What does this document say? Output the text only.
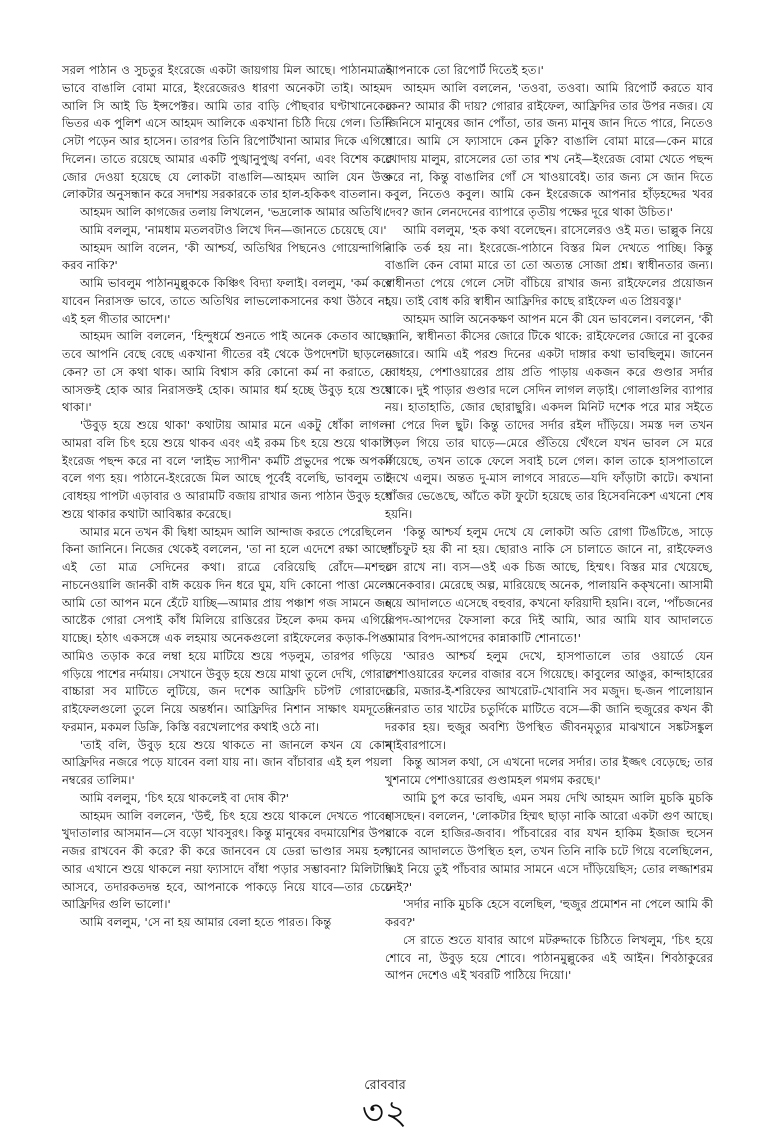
সরল পাঠান ও সুচতুর ইংরেজে একটা জায়গায় মিল আছে। পাঠানমাত্রই ভাবে বাঙালি বোমা মারে, ইংরেজেরও ধারণা অনেকটা তাই। আহমদ আলি সি আই ডি ইন্সপেক্টর। আমি তার বাড়ি পৌছবার ঘণ্টাখানেকের ভিতর এক পুলিশ এসে আহমদ আলিকে একখানা চিঠি দিয়ে গেল। তিনি সেটা পড়েন আর হাসেন। তারপর তিনি রিপোর্টখানা আমার দিকে এগিয়ে দিলেন। তাতে রয়েছে আমার একটি পুঙ্খানুপুঙ্খ বর্ণনা, এবং বিশেষ করে জোর দেওয়া হয়েছে যে লোকটা বাঙালি—আহমদ আলি যেন উক্ত লোকটার অনুসন্ধান করে সদাশয় সরকারকে তার হাল-হকিকৎ বাতলান।

আহমদ আলি কাগজের তলায় লিখলেন, 'ভদ্রলোক আমার অতিথি।'

আমি বললুম, 'নামধাম মতলবটাও লিখে দিন—জানতে চেয়েছে যে।'

আহমদ আলি বলেন, 'কী আশ্চর্য, অতিথির পিছনেও গোয়েন্দাগিরি করব নাকি?'

আমি ভাবলুম পাঠানমুল্লুককে কিঞ্চিৎ বিদ্যা ফলাই। বললুম, 'কর্ম করে যাবেন নিরাসক্ত ভাবে, তাতে অতিথির লাভলোকসানের কথা উঠবে না, এই হল গীতার আদেশ।'

আহমদ আলি বললেন, 'হিন্দুধর্মে শুনতে পাই অনেক কেতাব আছে। তবে আপনি বেছে বেছে একখানা গীতের বই থেকে উপদেশটা ছাড়লেন কেন? তা সে কথা থাক। আমি বিশ্বাস করি কোনো কর্ম না করাতে, সে আসক্তই হোক আর নিরাসক্তই হোক। আমার ধর্ম হচ্ছে উবুড় হয়ে শুয়ে থাকা।'

'উবুড় হয়ে শুয়ে থাকা' কথাটায় আমার মনে একটু ধোঁকা লাগল। আমরা বলি চিৎ হয়ে শুয়ে থাকব এবং এই রকম চিৎ হয়ে শুয়ে থাকাটা ইংরেজ পছন্দ করে না বলে 'লাইভ স্যাপীন' কর্মটি প্রভুদের পক্ষে অপকর্ম বলে গণ্য হয়। পাঠানে-ইংরেজে মিল আছে পূর্বেই বলেছি, ভাবলুম তাই বোধহয় পাপটা এড়াবার ও আরামটি বজায় রাখার জন্য পাঠান উবুড় হয়ে শুয়ে থাকার কথাটা আবিষ্কার করেছে।

আমার মনে তখন কী দ্বিধা আহমদ আলি আন্দাজ করতে পেরেছিলেন কিনা জানিনে। নিজের থেকেই বললেন, 'তা না হলে এদেশে রক্ষা আছে! এই তো মাত্র সেদিনের কথা। রাত্রে বেরিয়েছি রোঁদে—মশহুর নাচনেওয়ালি জানকী বাঈ কয়েক দিন ধরে ঘুম, যদি কোনো পাত্তা মেলে। আমি তো আপন মনে হেঁটে যাচ্ছি—আমার প্রায় পঞ্চাশ গজ সামনে জন আষ্টেক গোরা সেপাই কাঁধ মিলিয়ে রাত্তিরের টহলে কদম কদম এগিয়ে যাচ্ছে। হঠাৎ একসঙ্গে এক লহমায় অনেকগুলো রাইফেলের কড়াক-পিঙ। আমিও তড়াক করে লম্বা হয়ে মাটিয়ে শুয়ে পড়লুম, তারপর গড়িয়ে গড়িয়ে পাশের নর্দমায়। সেখানে উবুড় হয়ে শুয়ে মাথা তুলে দেখি, গোরার বাচ্চারা সব মাটিতে লুটিয়ে, জন দশেক আফ্রিদি চটপট গোরাদের রাইফেলগুলো তুলে নিয়ে অন্তর্ধান। আফ্রিদির নিশান সাক্ষাৎ যমদূতের ফরমান, মকমল ডিক্রি, কিস্তি বরখেলাপের কথাই ওঠে না।

'তাই বলি, উবুড় হয়ে শুয়ে থাকতে না জানলে কখন যে কোন্ আফ্রিদির নজরে পড়ে যাবেন বলা যায় না। জান বাঁচাবার এই হল পয়লা নম্বরের তালিম।'

আমি বললুম, 'চিৎ হয়ে থাকলেই বা দোষ কী?'

আহমদ আলি বললেন, 'উহুঁ, চিৎ হয়ে শুয়ে থাকলে দেখতে পাবেন খুদাতালার আসমান—সে বড়ো খাবসুরৎ। কিন্তু মানুষের বদমায়েশির উপর নজর রাখবেন কী করে? কী করে জানবেন যে ডেরা ভাণ্ডার সময় হল, আর এখানে শুয়ে থাকলে নয়া ফ্যাসাদে বাঁধা পড়ার সম্ভাবনা? মিলিটারি আসবে, তদারকতদন্ত হবে, আপনাকে পাকড়ে নিয়ে যাবে—তার চেয়ে আফ্রিদির গুলি ভালো।'

আমি বললুম, 'সে না হয় আমার বেলা হতে পারত। কিন্তু

আপনাকে তো রিপোর্ট দিতেই হত।'

আহমদ আলি বললেন, 'তওবা, তওবা। আমি রিপোর্ট করতে যাব কেন? আমার কী দায়? গোরার রাইফেল, আফ্রিদির তার উপর নজর। যে জিনিসে মানুষের জান পোঁতা, তার জন্য মানুষ জান দিতে পারে, নিতেও পারে। আমি সে ফ্যাসাদে কেন ঢুকি? বাঙালি বোমা মারে—কেন মারে খোদায় মালুম, রাসেলের তো তার শখ নেই—ইংরেজ বোমা খেতে পছন্দ করে না, কিন্তু বাঙালির গোঁ সে খাওয়াবেই। তার জন্য সে জান দিতে কবুল, নিতেও কবুল। আমি কেন ইংরেজকে আপনার হাঁড়হদ্দের খবর দেব? জান লেনদেনের ব্যাপারে তৃতীয় পক্ষের দূরে থাকা উচিত।'

আমি বললুম, 'হক কথা বলেছেন। রাসেলেরও ওই মত। ভাল্লুক নিয়ে নাকি তর্ক হয় না। ইংরেজে-পাঠানে বিস্তর মিল দেখতে পাচ্ছি। কিন্তু বাঙালি কেন বোমা মারে তা তো অত্যন্ত সোজা প্রশ্ন। স্বাধীনতার জন্য। স্বাধীনতা পেয়ে গেলে সেটা বাঁচিয়ে রাখার জন্য রাইফেলের প্রয়োজন হয়। তাই বোধ করি স্বাধীন আফ্রিদির কাছে রাইফেল এত প্রিয়বস্তু।'

আহমদ আলি অনেকক্ষণ আপন মনে কী যেন ভাবলেন। বললেন, 'কী জানি, স্বাধীনতা কীসের জোরে টিকে থাকে: রাইফেলের জোরে না বুকের জোরে। আমি এই পরশু দিনের একটা দাঙ্গার কথা ভাবছিলুম। জানেন বোধহয়, পেশাওয়ারের প্রায় প্রতি পাড়ায় একজন করে গুণ্ডার সর্দার থাকে। দুই পাড়ার গুণ্ডার দলে সেদিন লাগল লড়াই। গোলাগুলির ব্যাপার নয়। হাতাহাতি, জোর ছোরাছুরি। একদল মিনিট দশেক পরে মার সইতে না পেরে দিল ছুট। কিন্তু তাদের সর্দার রইল দাঁড়িয়ে। সমস্ত দল তখন পড়ল গিয়ে তার ঘাড়ে—মেরে গুঁতিয়ে থেঁৎলে যখন ভাবল সে মরে গিয়েছে, তখন তাকে ফেলে সবাই চলে গেল। কাল তাকে হাসপাতালে দেখে এলুম। অন্তত দু-মাস লাগবে সারতে—যদি ফাঁড়াটা কাটে। কখানা পাঁজর ভেঙেছে, আঁতে কটা ফুটো হয়েছে তার হিসেবনিকেশ এখনো শেষ হয়নি।

'কিন্তু আশ্চর্য হলুম দেখে যে লোকটা অতি রোগা টিঙটিঙে, সাড়ে পাঁচফুট হয় কী না হয়। ছোরাও নাকি সে চালাতে জানে না, রাইফেলও সে রাখে না। ব্যস—ওই এক চিজ আছে, হিম্মৎ। বিস্তর মার খেয়েছে, অনেকবার। মেরেছে অল্প, মারিয়েছে অনেক, পালায়নি কক্খনো। আসামী হয়ে আদালতে এসেছে বহুবার, কখনো ফরিয়াদী হয়নি। বলে, 'পাঁচজনের বিপদ-আপদের ফৈসালা করে দিই আমি, আর আমি যাব আদালতে আমার বিপদ-আপদের কান্নাকাটি শোনাতে!'

'আরও আশ্চর্য হলুম দেখে, হাসপাতালে তার ওয়ার্ডে যেন পেশাওয়ারের ফলের বাজার বসে গিয়েছে। কাবুলের আঙুর, কান্দাহারের চেরি, মজার-ই-শরিফের আখরোট-খোবানি সব মজুদ। ছ-জন পালোয়ান দিনরাত তার খাটের চতুর্দিকে মাটিতে বসে—কী জানি হুজুরের কখন কী দরকার হয়। হুজুর অবশ্যি উপস্থিত জীবনমৃত্যুর মাঝখানে সঙ্কটসঙ্কুল খাইবারপাসে।

কিন্তু আসল কথা, সে এখনো দলের সর্দার। তার ইজ্জৎ বেড়েছে; তার খুশনামে পেশাওয়ারের গুণ্ডামহল গমগম করছে।'

আমি চুপ করে ভাবছি, এমন সময় দেখি আহমদ আলি মুচকি মুচকি হাসছেন। বললেন, 'লোকটার হিম্মৎ ছাড়া নাকি আরো একটা গুণ আছে। যাকে বলে হাজির-জবাব। পাঁচবারের বার যখন হাকিম ইজাজ হুসেন খানের আদালতে উপস্থিত হল, তখন তিনি নাকি চটে গিয়ে বলেছিলেন, 'এই নিয়ে তুই পাঁচবার আমার সামনে এসে দাঁড়িয়েছিস; তোর লজ্জাশরম নেই?'

'সর্দার নাকি মুচকি হেসে বলেছিল, 'হুজুর প্রমোশন না পেলে আমি কী করব?'

সে রাতে শুতে যাবার আগে মটরুদ্দাকে চিঠিতে লিখলুম, 'চিৎ হয়ে শোবে না, উবুড় হয়ে শোবে। পাঠানমুল্লুকের এই আইন। শিবঠাকুরের আপন দেশেও এই খবরটি পাঠিয়ে দিয়ো।'

রোববার
৩২
